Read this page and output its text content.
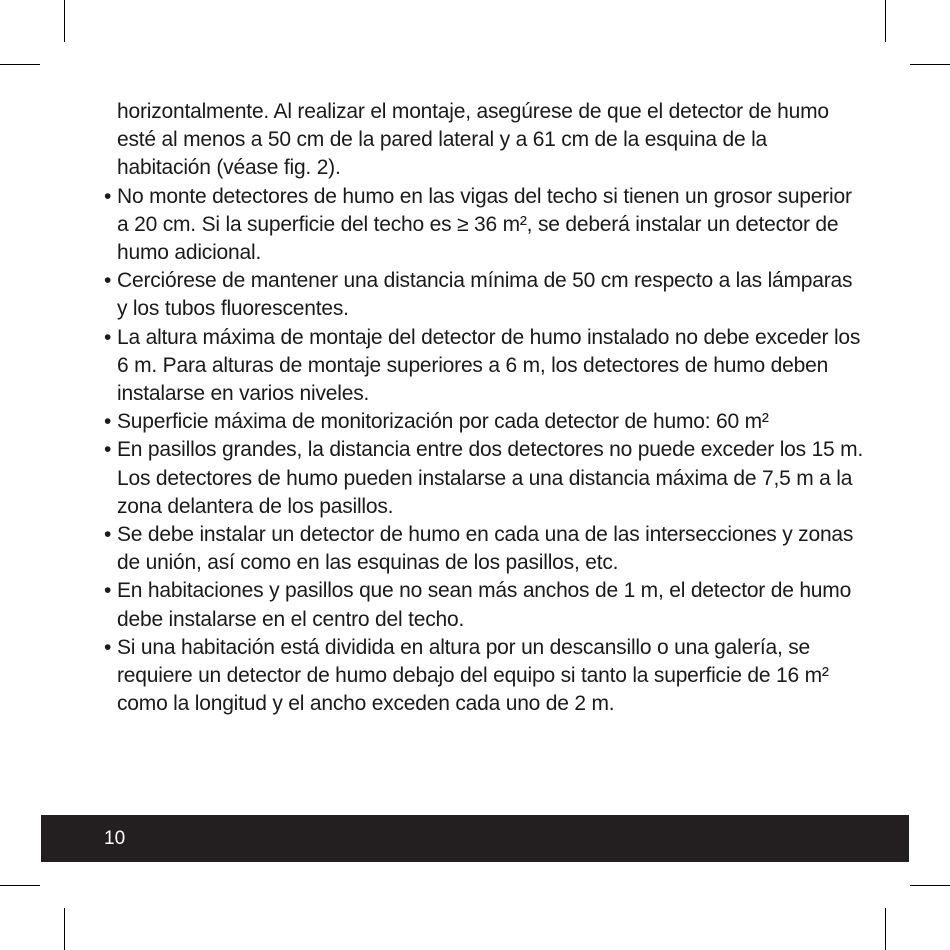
horizontalmente. Al realizar el montaje, asegúrese de que el detector de humo esté al menos a 50 cm de la pared lateral y a 61 cm de la esquina de la habitación (véase fig. 2).

• No monte detectores de humo en las vigas del techo si tienen un grosor superior a 20 cm. Si la superficie del techo es ≥ 36 m², se deberá instalar un detector de humo adicional.
• Cerciórese de mantener una distancia mínima de 50 cm respecto a las lámparas y los tubos fluorescentes.
• La altura máxima de montaje del detector de humo instalado no debe exceder los 6 m. Para alturas de montaje superiores a 6 m, los detectores de humo deben instalarse en varios niveles.
• Superficie máxima de monitorización por cada detector de humo: 60 m²
• En pasillos grandes, la distancia entre dos detectores no puede exceder los 15 m. Los detectores de humo pueden instalarse a una distancia máxima de 7,5 m a la zona delantera de los pasillos.
• Se debe instalar un detector de humo en cada una de las intersecciones y zonas de unión, así como en las esquinas de los pasillos, etc.
• En habitaciones y pasillos que no sean más anchos de 1 m, el detector de humo debe instalarse en el centro del techo.
• Si una habitación está dividida en altura por un descansillo o una galería, se requiere un detector de humo debajo del equipo si tanto la superficie de 16 m² como la longitud y el ancho exceden cada uno de 2 m.
10
